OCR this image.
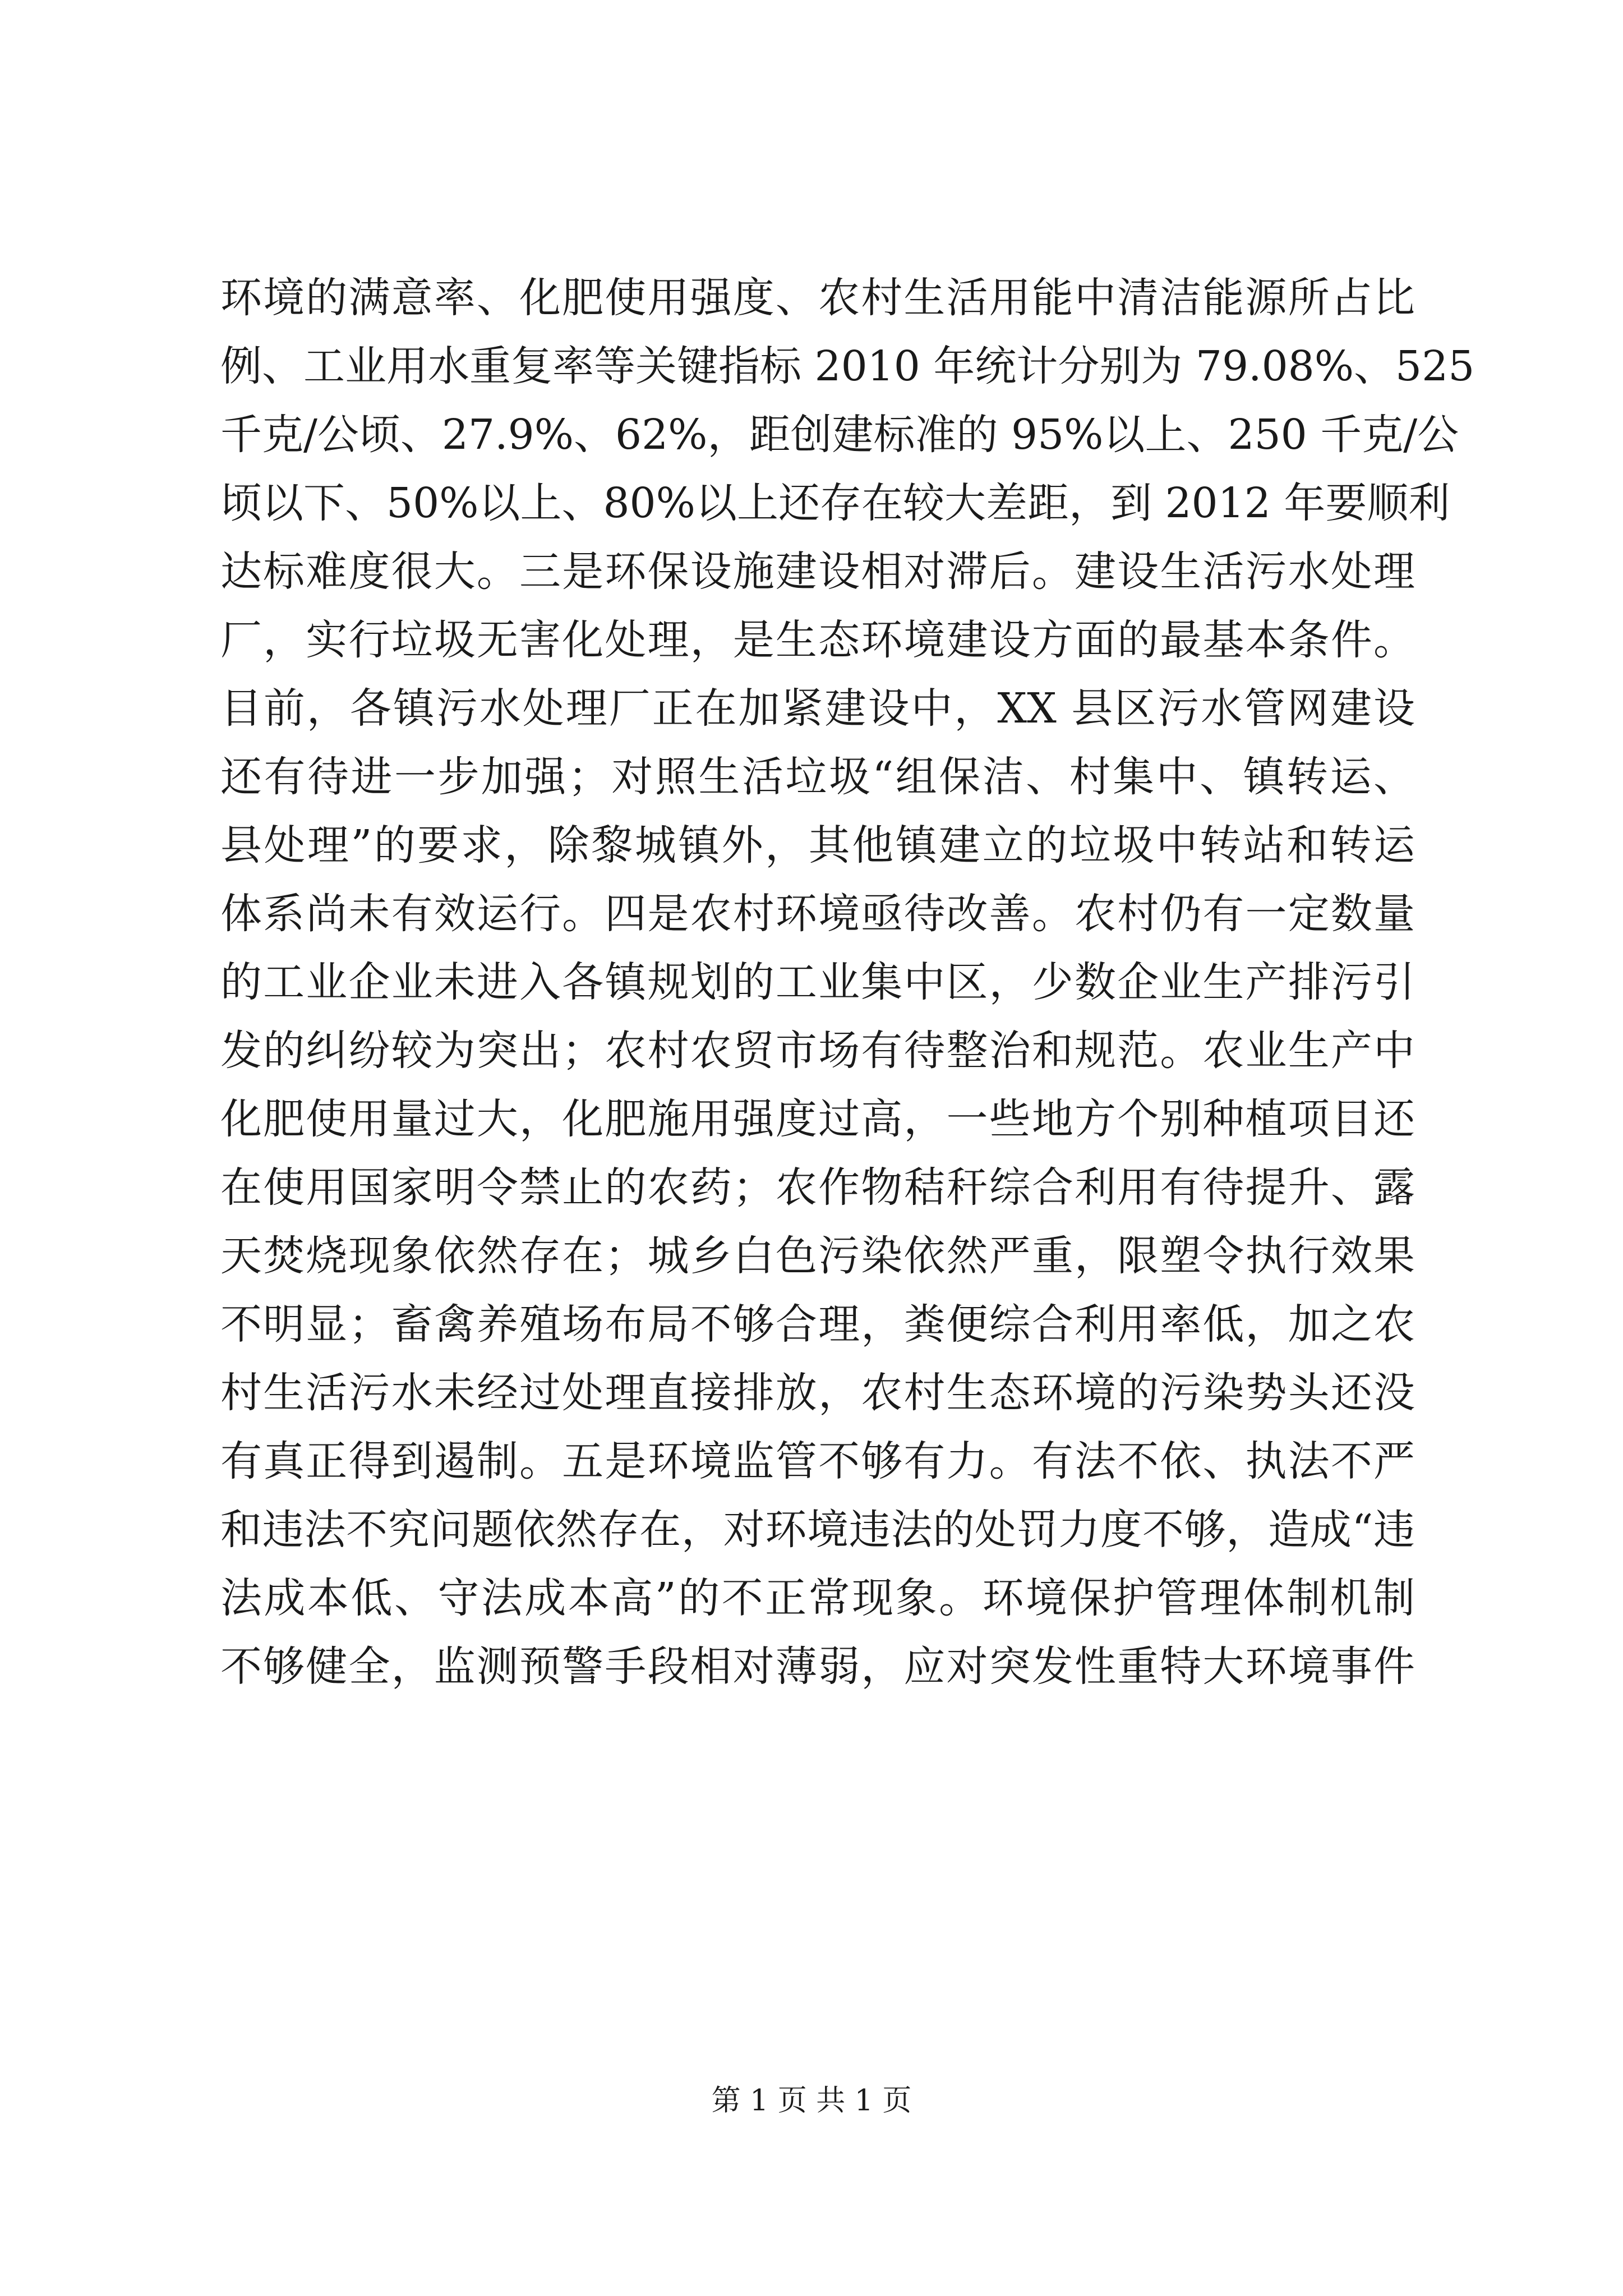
环境的满意率、化肥使用强度、农村生活用能中清洁能源所占比
例、工业用水重复率等关键指标 2010 年统计分别为 79.08%、525
千克/公顷、27.9%、62%，距创建标准的 95%以上、250 千克/公
顷以下、50%以上、80%以上还存在较大差距，到 2012 年要顺利
达标难度很大。三是环保设施建设相对滞后。建设生活污水处理
厂，实行垃圾无害化处理，是生态环境建设方面的最基本条件。
目前，各镇污水处理厂正在加紧建设中，XX 县区污水管网建设
还有待进一步加强；对照生活垃圾“组保洁、村集中、镇转运、
县处理”的要求，除黎城镇外，其他镇建立的垃圾中转站和转运
体系尚未有效运行。四是农村环境亟待改善。农村仍有一定数量
的工业企业未进入各镇规划的工业集中区，少数企业生产排污引
发的纠纷较为突出；农村农贸市场有待整治和规范。农业生产中
化肥使用量过大，化肥施用强度过高，一些地方个别种植项目还
在使用国家明令禁止的农药；农作物秸秆综合利用有待提升、露
天焚烧现象依然存在；城乡白色污染依然严重，限塑令执行效果
不明显；畜禽养殖场布局不够合理，粪便综合利用率低，加之农
村生活污水未经过处理直接排放，农村生态环境的污染势头还没
有真正得到遏制。五是环境监管不够有力。有法不依、执法不严
和违法不究问题依然存在，对环境违法的处罚力度不够，造成“违
法成本低、守法成本高”的不正常现象。环境保护管理体制机制
不够健全，监测预警手段相对薄弱，应对突发性重特大环境事件
第 1 页 共 1 页
